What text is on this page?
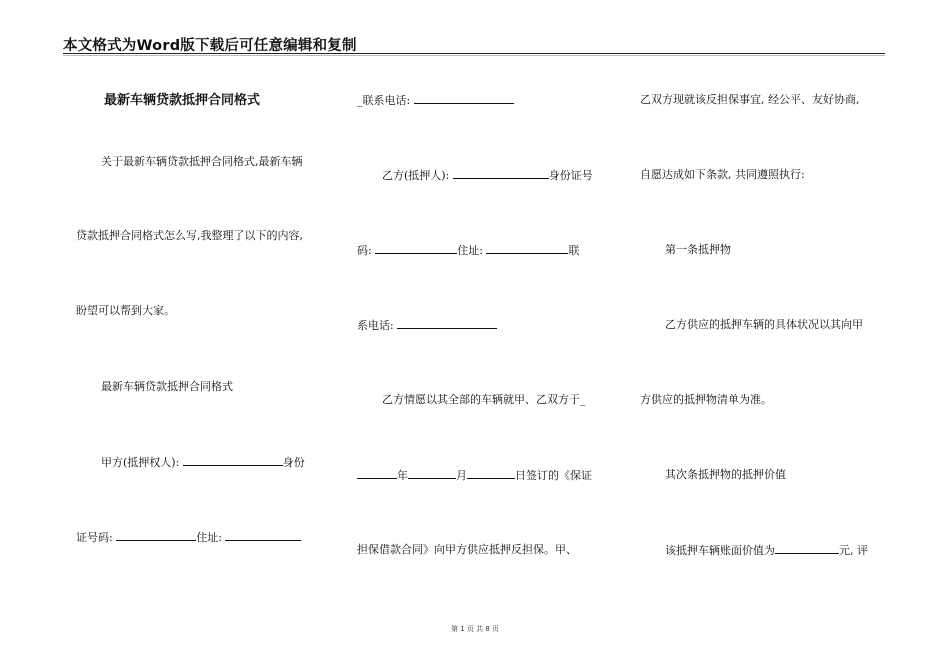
本文格式为Word版下载后可任意编辑和复制
最新车辆贷款抵押合同格式
关于最新车辆贷款抵押合同格式,最新车辆
贷款抵押合同格式怎么写,我整理了以下的内容,
盼望可以帮到大家。
最新车辆贷款抵押合同格式
甲方(抵押权人):	身份
证号码:	住址:
_联系电话:
乙方(抵押人):	身份证号
码:	住址:	联
系电话:
乙方情愿以其全部的车辆就甲、乙双方于_
年	月	日签订的《保证
担保借款合同》向甲方供应抵押反担保。甲、
乙双方现就该反担保事宜, 经公平、友好协商,
自愿达成如下条款, 共同遵照执行:
第一条抵押物
乙方供应的抵押车辆的具体状况以其向甲
方供应的抵押物清单为准。
其次条抵押物的抵押价值
该抵押车辆账面价值为	元, 评
第 1 页 共 8 页
